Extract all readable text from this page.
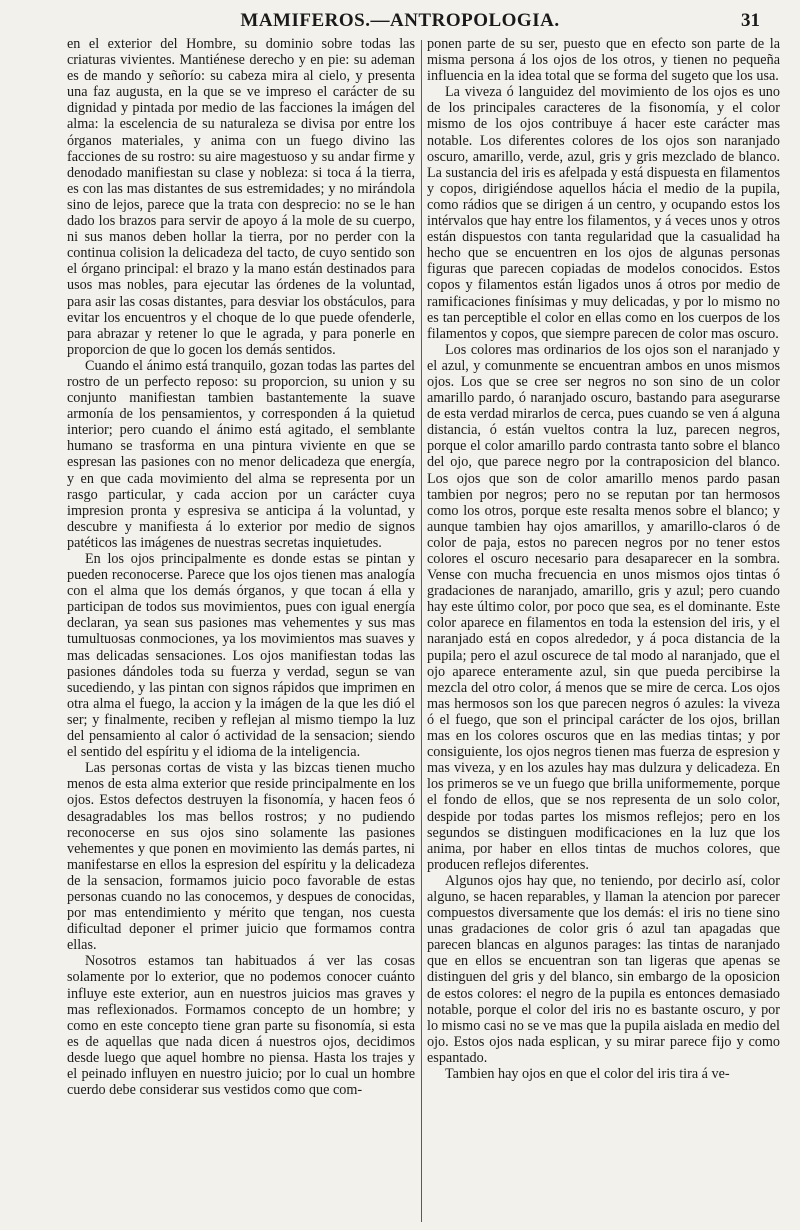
MAMIFEROS.—ANTROPOLOGIA.	31

en el exterior del Hombre, su dominio sobre todas las criaturas vivientes. Mantiénese derecho y en pie: su ademan es de mando y señorío: su cabeza mira al cielo, y presenta una faz augusta, en la que se ve impreso el carácter de su dignidad y pintada por medio de las facciones la imágen del alma: la escelencia de su naturaleza se divisa por entre los órganos materiales, y anima con un fuego divino las facciones de su rostro: su aire magestuoso y su andar firme y denodado manifiestan su clase y nobleza: si toca á la tierra, es con las mas distantes de sus estremidades; y no mirándola sino de lejos, parece que la trata con desprecio: no se le han dado los brazos para servir de apoyo á la mole de su cuerpo, ni sus manos deben hollar la tierra, por no perder con la continua colision la delicadeza del tacto, de cuyo sentido son el órgano principal: el brazo y la mano están destinados para usos mas nobles, para ejecutar las órdenes de la voluntad, para asir las cosas distantes, para desviar los obstáculos, para evitar los encuentros y el choque de lo que puede ofenderle, para abrazar y retener lo que le agrada, y para ponerle en proporcion de que lo gocen los demás sentidos.

Cuando el ánimo está tranquilo, gozan todas las partes del rostro de un perfecto reposo: su proporcion, su union y su conjunto manifiestan tambien bastantemente la suave armonía de los pensamientos, y corresponden á la quietud interior; pero cuando el ánimo está agitado, el semblante humano se trasforma en una pintura viviente en que se espresan las pasiones con no menor delicadeza que energía, y en que cada movimiento del alma se representa por un rasgo particular, y cada accion por un carácter cuya impresion pronta y espresiva se anticipa á la voluntad, y descubre y manifiesta á lo exterior por medio de signos patéticos las imágenes de nuestras secretas inquietudes.

En los ojos principalmente es donde estas se pintan y pueden reconocerse. Parece que los ojos tienen mas analogía con el alma que los demás órganos, y que tocan á ella y participan de todos sus movimientos, pues con igual energía declaran, ya sean sus pasiones mas vehementes y sus mas tumultuosas conmociones, ya los movimientos mas suaves y mas delicadas sensaciones. Los ojos manifiestan todas las pasiones dándoles toda su fuerza y verdad, segun se van sucediendo, y las pintan con signos rápidos que imprimen en otra alma el fuego, la accion y la imágen de la que les dió el ser; y finalmente, reciben y reflejan al mismo tiempo la luz del pensamiento al calor ó actividad de la sensacion; siendo el sentido del espíritu y el idioma de la inteligencia.

Las personas cortas de vista y las bizcas tienen mucho menos de esta alma exterior que reside principalmente en los ojos. Estos defectos destruyen la fisonomía, y hacen feos ó desagradables los mas bellos rostros; y no pudiendo reconocerse en sus ojos sino solamente las pasiones vehementes y que ponen en movimiento las demás partes, ni manifestarse en ellos la espresion del espíritu y la delicadeza de la sensacion, formamos juicio poco favorable de estas personas cuando no las conocemos, y despues de conocidas, por mas entendimiento y mérito que tengan, nos cuesta dificultad deponer el primer juicio que formamos contra ellas.

Nosotros estamos tan habituados á ver las cosas solamente por lo exterior, que no podemos conocer cuánto influye este exterior, aun en nuestros juicios mas graves y mas reflexionados. Formamos concepto de un hombre; y como en este concepto tiene gran parte su fisonomía, si esta es de aquellas que nada dicen á nuestros ojos, decidimos desde luego que aquel hombre no piensa. Hasta los trajes y el peinado influyen en nuestro juicio; por lo cual un hombre cuerdo debe considerar sus vestidos como que com-

ponen parte de su ser, puesto que en efecto son parte de la misma persona á los ojos de los otros, y tienen no pequeña influencia en la idea total que se forma del sugeto que los usa.

La viveza ó languidez del movimiento de los ojos es uno de los principales caracteres de la fisonomía, y el color mismo de los ojos contribuye á hacer este carácter mas notable. Los diferentes colores de los ojos son naranjado oscuro, amarillo, verde, azul, gris y gris mezclado de blanco. La sustancia del iris es afelpada y está dispuesta en filamentos y copos, dirigiéndose aquellos hácia el medio de la pupila, como rádios que se dirigen á un centro, y ocupando estos los intérvalos que hay entre los filamentos, y á veces unos y otros están dispuestos con tanta regularidad que la casualidad ha hecho que se encuentren en los ojos de algunas personas figuras que parecen copiadas de modelos conocidos. Estos copos y filamentos están ligados unos á otros por medio de ramificaciones finísimas y muy delicadas, y por lo mismo no es tan perceptible el color en ellas como en los cuerpos de los filamentos y copos, que siempre parecen de color mas oscuro.

Los colores mas ordinarios de los ojos son el naranjado y el azul, y comunmente se encuentran ambos en unos mismos ojos. Los que se cree ser negros no son sino de un color amarillo pardo, ó naranjado oscuro, bastando para asegurarse de esta verdad mirarlos de cerca, pues cuando se ven á alguna distancia, ó están vueltos contra la luz, parecen negros, porque el color amarillo pardo contrasta tanto sobre el blanco del ojo, que parece negro por la contraposicion del blanco. Los ojos que son de color amarillo menos pardo pasan tambien por negros; pero no se reputan por tan hermosos como los otros, porque este resalta menos sobre el blanco; y aunque tambien hay ojos amarillos, y amarillo-claros ó de color de paja, estos no parecen negros por no tener estos colores el oscuro necesario para desaparecer en la sombra. Vense con mucha frecuencia en unos mismos ojos tintas ó gradaciones de naranjado, amarillo, gris y azul; pero cuando hay este último color, por poco que sea, es el dominante. Este color aparece en filamentos en toda la estension del iris, y el naranjado está en copos alrededor, y á poca distancia de la pupila; pero el azul oscurece de tal modo al naranjado, que el ojo aparece enteramente azul, sin que pueda percibirse la mezcla del otro color, á menos que se mire de cerca. Los ojos mas hermosos son los que parecen negros ó azules: la viveza ó el fuego, que son el principal carácter de los ojos, brillan mas en los colores oscuros que en las medias tintas; y por consiguiente, los ojos negros tienen mas fuerza de espresion y mas viveza, y en los azules hay mas dulzura y delicadeza. En los primeros se ve un fuego que brilla uniformemente, porque el fondo de ellos, que se nos representa de un solo color, despide por todas partes los mismos reflejos; pero en los segundos se distinguen modificaciones en la luz que los anima, por haber en ellos tintas de muchos colores, que producen reflejos diferentes.

Algunos ojos hay que, no teniendo, por decirlo así, color alguno, se hacen reparables, y llaman la atencion por parecer compuestos diversamente que los demás: el iris no tiene sino unas gradaciones de color gris ó azul tan apagadas que parecen blancas en algunos parages: las tintas de naranjado que en ellos se encuentran son tan ligeras que apenas se distinguen del gris y del blanco, sin embargo de la oposicion de estos colores: el negro de la pupila es entonces demasiado notable, porque el color del iris no es bastante oscuro, y por lo mismo casi no se ve mas que la pupila aislada en medio del ojo. Estos ojos nada esplican, y su mirar parece fijo y como espantado.

Tambien hay ojos en que el color del iris tira á ve-
